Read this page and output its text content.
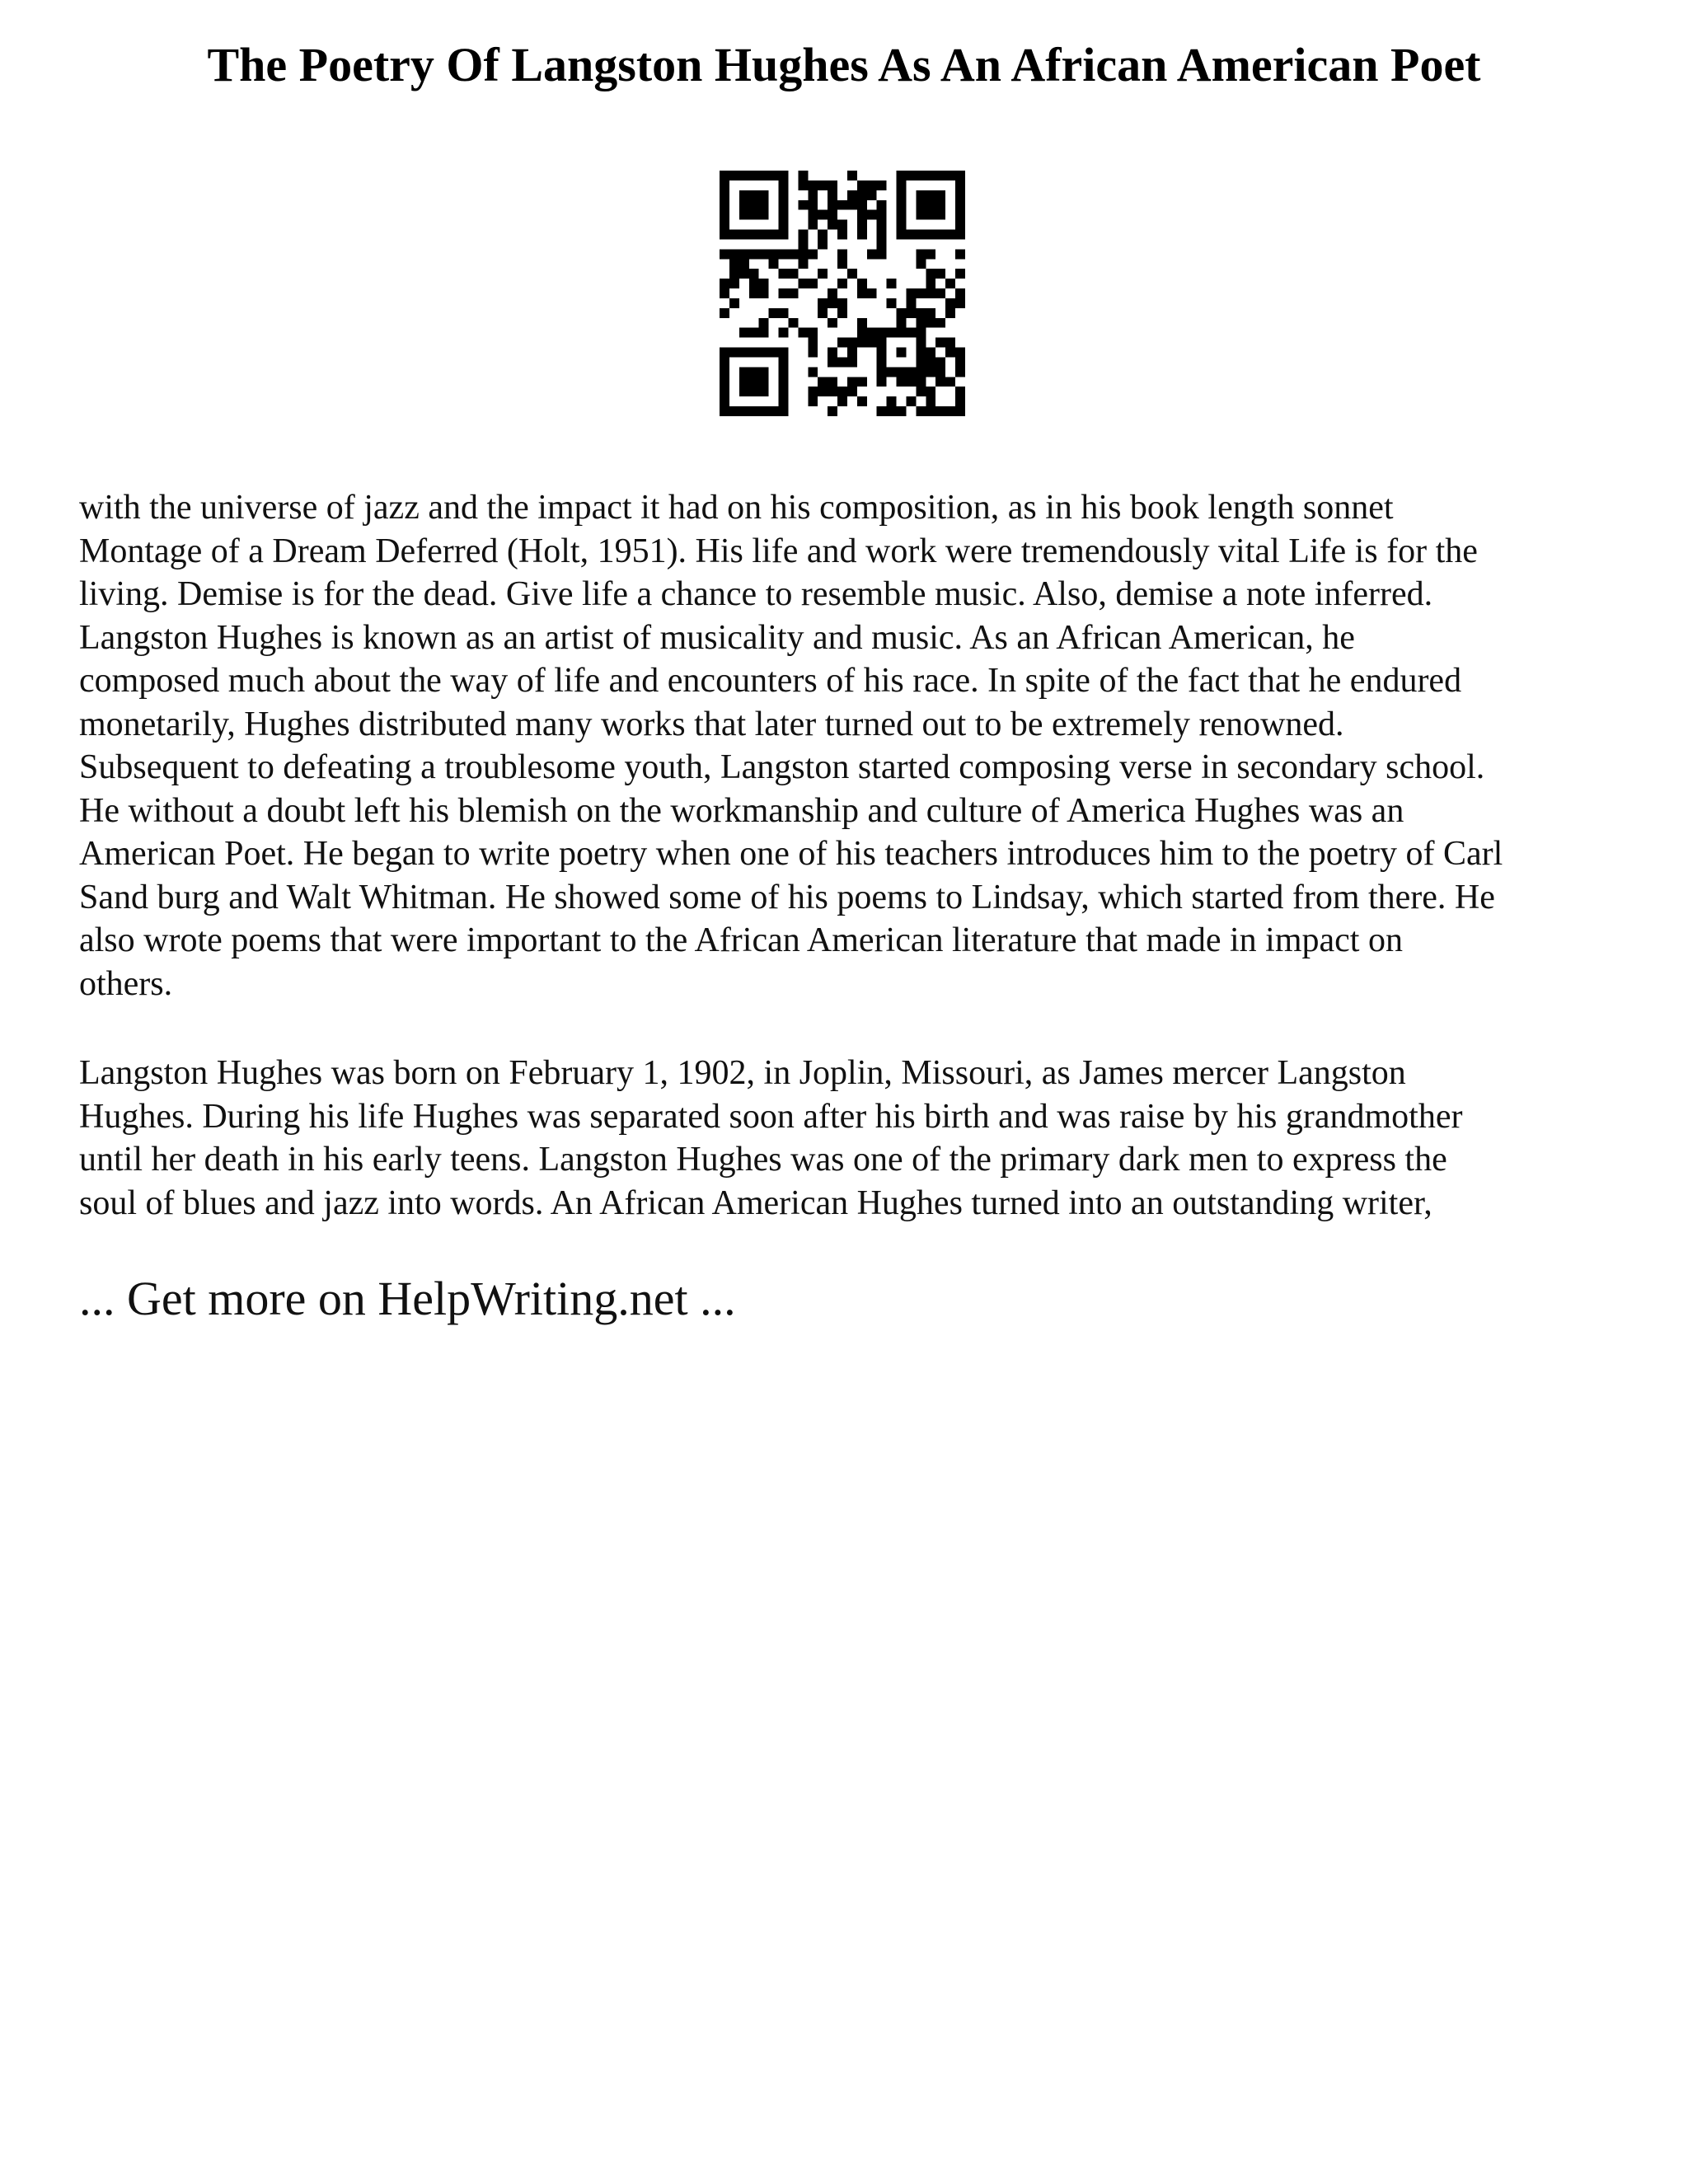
The Poetry Of Langston Hughes As An African American Poet
with the universe of jazz and the impact it had on his composition, as in his book length sonnet
Montage of a Dream Deferred (Holt, 1951). His life and work were tremendously vital Life is for the
living. Demise is for the dead. Give life a chance to resemble music. Also, demise a note inferred.
Langston Hughes is known as an artist of musicality and music. As an African American, he
composed much about the way of life and encounters of his race. In spite of the fact that he endured
monetarily, Hughes distributed many works that later turned out to be extremely renowned.
Subsequent to defeating a troublesome youth, Langston started composing verse in secondary school.
He without a doubt left his blemish on the workmanship and culture of America Hughes was an
American Poet. He began to write poetry when one of his teachers introduces him to the poetry of Carl
Sand burg and Walt Whitman. He showed some of his poems to Lindsay, which started from there. He
also wrote poems that were important to the African American literature that made in impact on
others.
Langston Hughes was born on February 1, 1902, in Joplin, Missouri, as James mercer Langston
Hughes. During his life Hughes was separated soon after his birth and was raise by his grandmother
until her death in his early teens. Langston Hughes was one of the primary dark men to express the
soul of blues and jazz into words. An African American Hughes turned into an outstanding writer,
... Get more on HelpWriting.net ...
